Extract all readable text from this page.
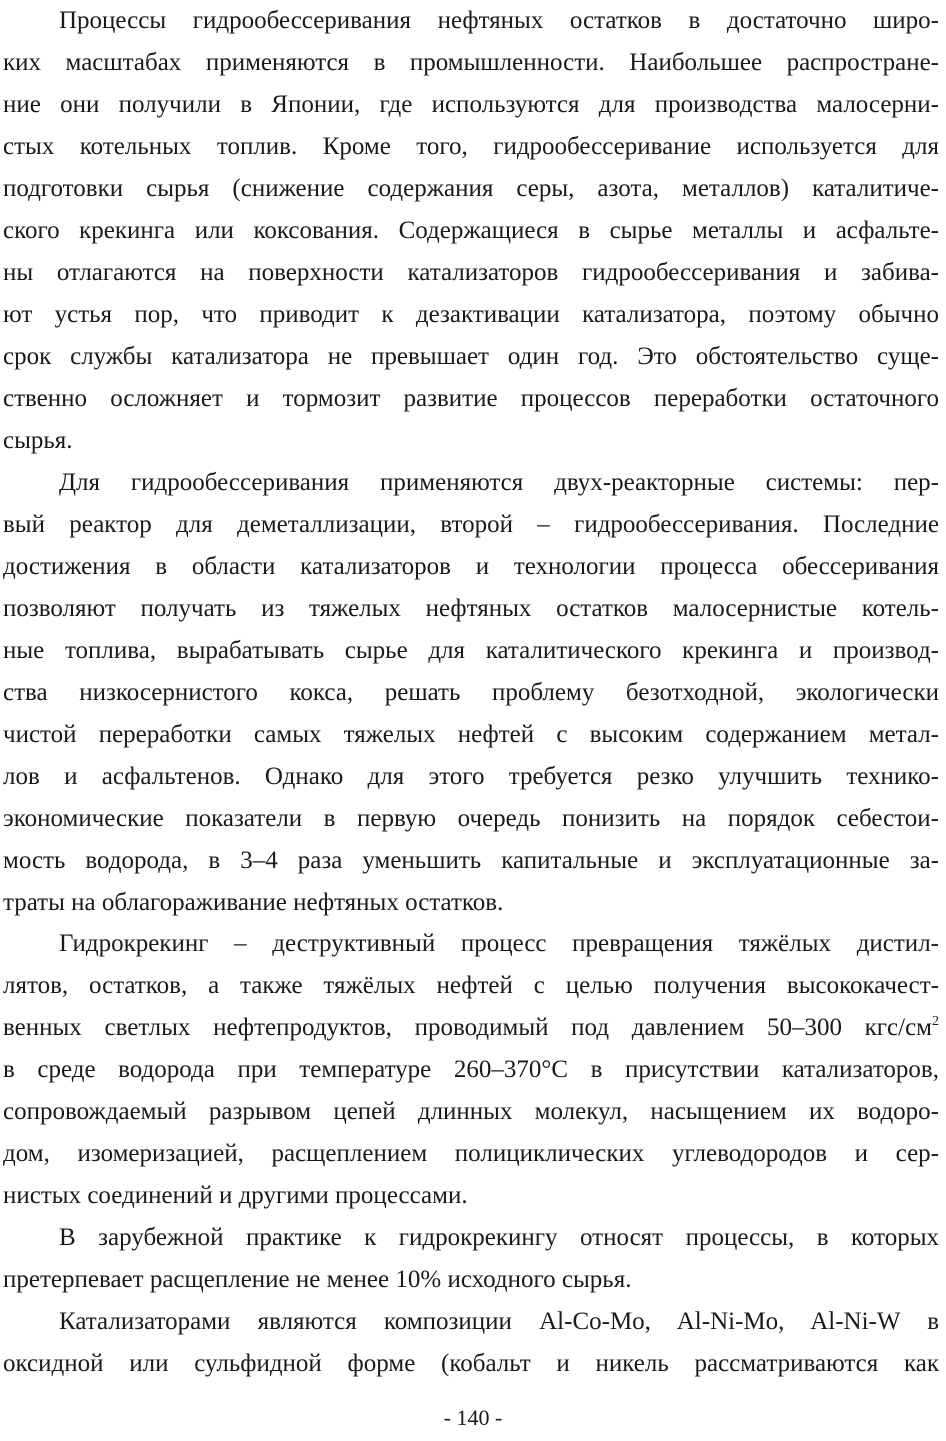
Процессы гидрообессеривания нефтяных остатков в достаточно широ-
ких масштабах применяются в промышленности. Наибольшее распростране-
ние они получили в Японии, где используются для производства малосерни-
стых котельных топлив. Кроме того, гидрообессеривание используется для
подготовки сырья (снижение содержания серы, азота, металлов) каталитиче-
ского крекинга или коксования. Содержащиеся в сырье металлы и асфальте-
ны отлагаются на поверхности катализаторов гидрообессеривания и забива-
ют устья пор, что приводит к дезактивации катализатора, поэтому обычно
срок службы катализатора не превышает один год. Это обстоятельство суще-
ственно осложняет и тормозит развитие процессов переработки остаточного
сырья.
Для гидрообессеривания применяются двух-реакторные системы: пер-
вый реактор для деметаллизации, второй – гидрообессеривания. Последние
достижения в области катализаторов и технологии процесса обессеривания
позволяют получать из тяжелых нефтяных остатков малосернистые котель-
ные топлива, вырабатывать сырье для каталитического крекинга и производ-
ства низкосернистого кокса, решать проблему безотходной, экологически
чистой переработки самых тяжелых нефтей с высоким содержанием метал-
лов и асфальтенов. Однако для этого требуется резко улучшить технико-
экономические показатели в первую очередь понизить на порядок себестои-
мость водорода, в 3–4 раза уменьшить капитальные и эксплуатационные за-
траты на облагораживание нефтяных остатков.
Гидрокрекинг – деструктивный процесс превращения тяжёлых дистил-
лятов, остатков, а также тяжёлых нефтей с целью получения высококачест-
венных светлых нефтепродуктов, проводимый под давлением 50–300 кгс/$см^2$
в среде водорода при температуре 260–370°С в присутствии катализаторов,
сопровождаемый разрывом цепей длинных молекул, насыщением их водоро-
дом, изомеризацией, расщеплением полициклических углеводородов и сер-
нистых соединений и другими процессами.
В зарубежной практике к гидрокрекингу относят процессы, в которых
претерпевает расщепление не менее 10% исходного сырья.
Катализаторами являются композиции Al-Co-Mo, Al-Ni-Mo, Al-Ni-W в
оксидной или сульфидной форме (кобальт и никель рассматриваются как
- 140 -
